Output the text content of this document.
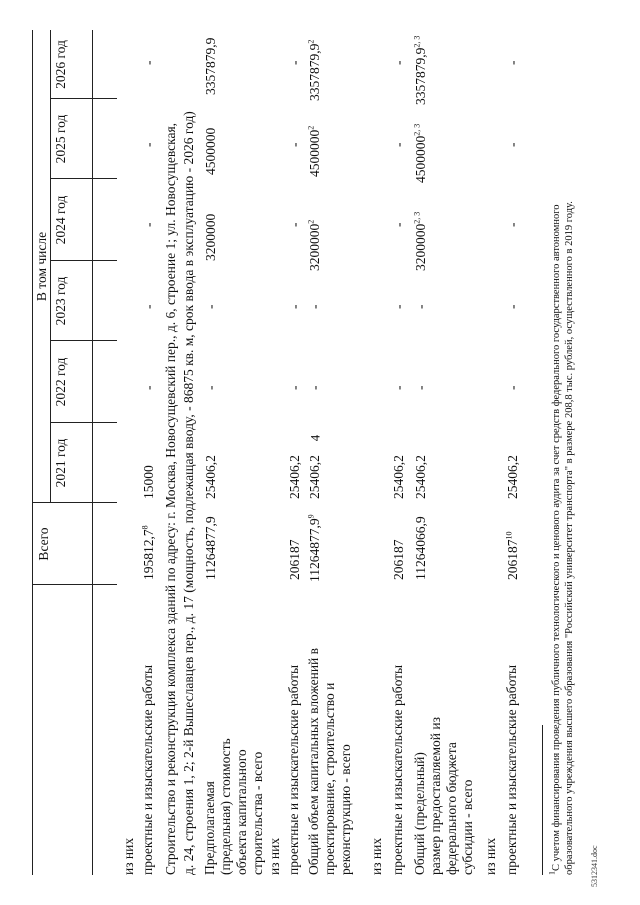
4
Всего
В том числе
2021 год
2022 год
2023 год
2024 год
2025 год
2026 год
из них проектные и изыскательские работы
195812,7$^8$
15000
-
-
-
-
-
Строительство и реконструкция комплекса зданий по адресу: г. Москва, Новосущевский пер., д. 6, строение 1; ул. Новосущевская, д. 24, строения 1, 2; 2-й Вышеславцев пер., д. 17 (мощность, подлежащая вводу, - 86875 кв. м, срок ввода в эксплуатацию - 2026 год) Предполагаемая (предельная) стоимость объекта капитального строительства - всего
11264877,9
25406,2
-
-
3200000
4500000
3357879,9
из них проектные и изыскательские работы
206187
25406,2
-
-
-
-
-
Общий объем капитальных вложений в проектирование, строительство и реконструкцию - всего
11264877,9$^9$
25406,2
-
-
3200000$^2$
4500000$^2$
3357879,9$^2$
из них проектные и изыскательские работы
206187
25406,2
-
-
-
-
-
Общий (предельный) размер предоставляемой из федерального бюджета субсидии - всего
11264066,9
25406,2
-
-
3200000$^{2, 3}$
4500000$^{2, 3}$
3357879,9$^{2, 3}$
из них проектные и изыскательские работы
206187$^{10}$
25406,2
-
-
-
-
-
$^1$С учетом финансирования проведения публичного технологического и ценового аудита за счет средств федерального государственного автономного образовательного учреждения высшего образования "Российский университет транспорта" в размере 208,8 тыс. рублей, осуществленного в 2019 году. 5312341.doc
